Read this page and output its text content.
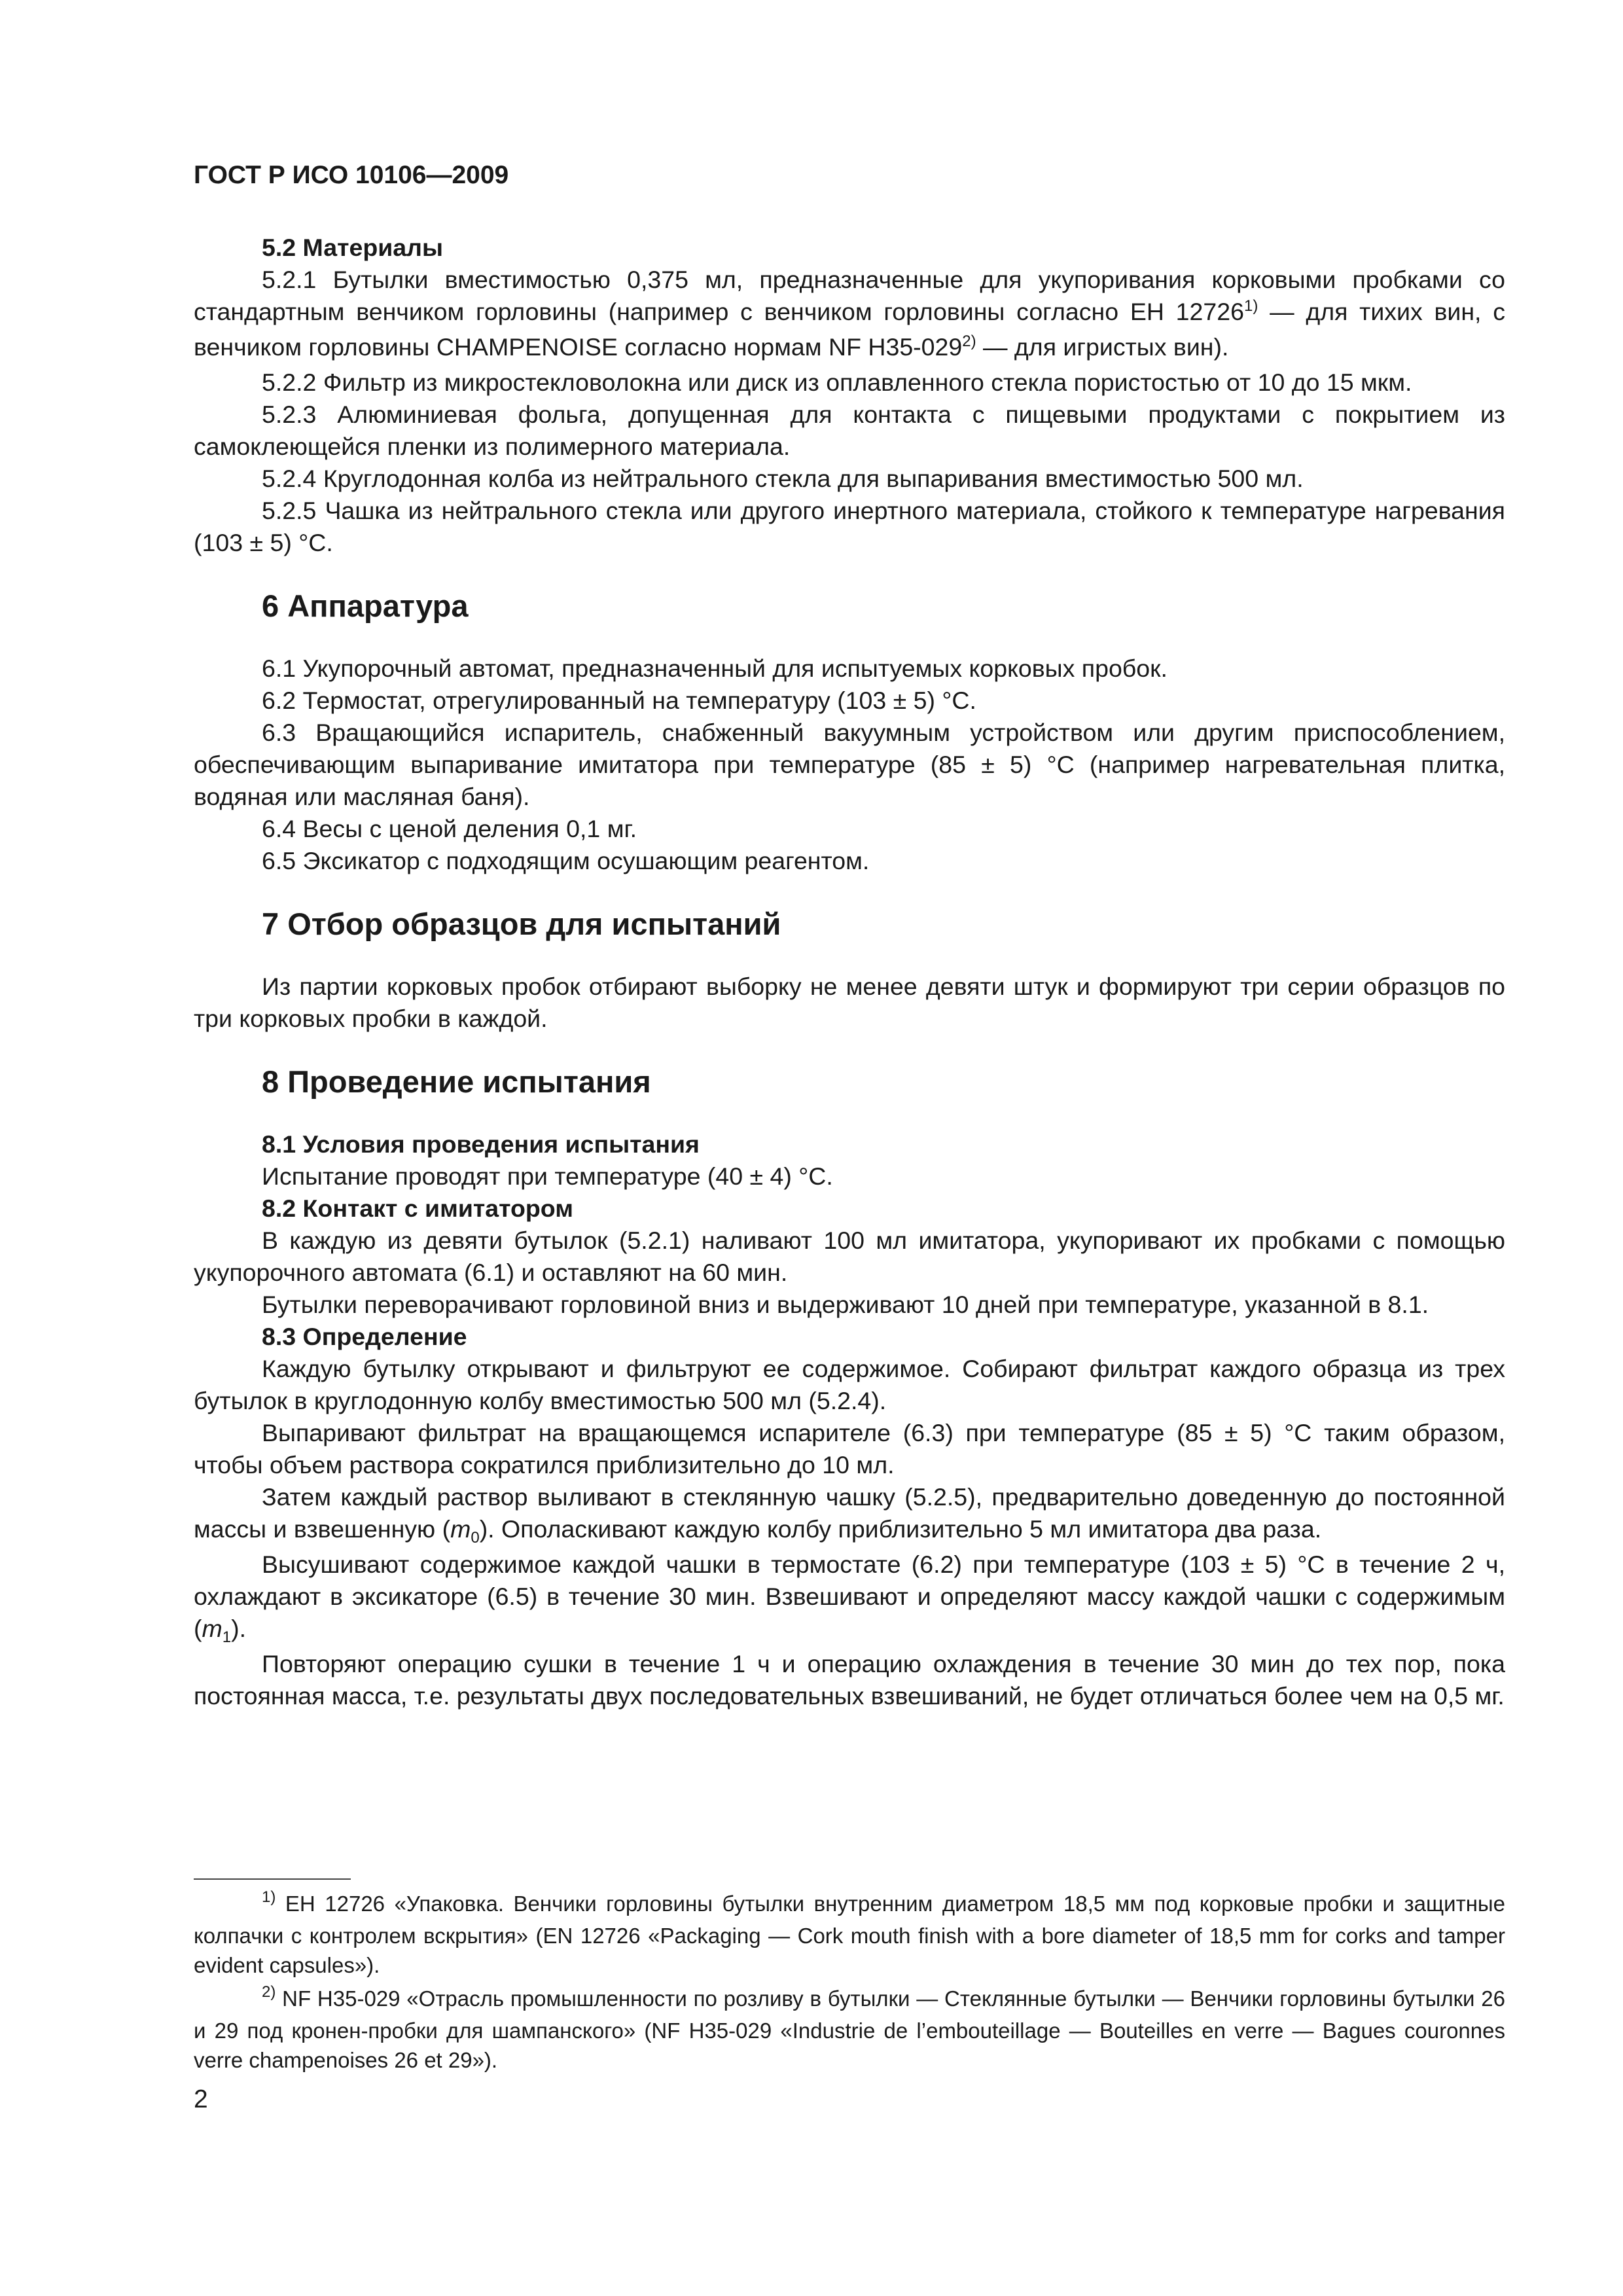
ГОСТ Р ИСО 10106—2009

5.2 Материалы

5.2.1 Бутылки вместимостью 0,375 мл, предназначенные для укупоривания корковыми пробками со стандартным венчиком горловины (например с венчиком горловины согласно ЕН 12726$^{1)}$ — для тихих вин, с венчиком горловины CHAMPENOISE согласно нормам NF H35-029$^{2)}$ — для игристых вин).

5.2.2 Фильтр из микростекловолокна или диск из оплавленного стекла пористостью от 10 до 15 мкм.

5.2.3 Алюминиевая фольга, допущенная для контакта с пищевыми продуктами с покрытием из самоклеющейся пленки из полимерного материала.

5.2.4 Круглодонная колба из нейтрального стекла для выпаривания вместимостью 500 мл.

5.2.5 Чашка из нейтрального стекла или другого инертного материала, стойкого к температуре нагревания (103 ± 5) °С.

6 Аппаратура

6.1 Укупорочный автомат, предназначенный для испытуемых корковых пробок.

6.2 Термостат, отрегулированный на температуру (103 ± 5) °С.

6.3 Вращающийся испаритель, снабженный вакуумным устройством или другим приспособлением, обеспечивающим выпаривание имитатора при температуре (85 ± 5) °С (например нагревательная плитка, водяная или масляная баня).

6.4 Весы с ценой деления 0,1 мг.

6.5 Эксикатор с подходящим осушающим реагентом.

7 Отбор образцов для испытаний

Из партии корковых пробок отбирают выборку не менее девяти штук и формируют три серии образцов по три корковых пробки в каждой.

8 Проведение испытания

8.1 Условия проведения испытания

Испытание проводят при температуре (40 ± 4) °С.

8.2 Контакт с имитатором

В каждую из девяти бутылок (5.2.1) наливают 100 мл имитатора, укупоривают их пробками с помощью укупорочного автомата (6.1) и оставляют на 60 мин.

Бутылки переворачивают горловиной вниз и выдерживают 10 дней при температуре, указанной в 8.1.

8.3 Определение

Каждую бутылку открывают и фильтруют ее содержимое. Собирают фильтрат каждого образца из трех бутылок в круглодонную колбу вместимостью 500 мл (5.2.4).

Выпаривают фильтрат на вращающемся испарителе (6.3) при температуре (85 ± 5) °С таким образом, чтобы объем раствора сократился приблизительно до 10 мл.

Затем каждый раствор выливают в стеклянную чашку (5.2.5), предварительно доведенную до постоянной массы и взвешенную $(m_0)$. Ополаскивают каждую колбу приблизительно 5 мл имитатора два раза.

Высушивают содержимое каждой чашки в термостате (6.2) при температуре (103 ± 5) °С в течение 2 ч, охлаждают в эксикаторе (6.5) в течение 30 мин. Взвешивают и определяют массу каждой чашки с содержимым $(m_1)$.

Повторяют операцию сушки в течение 1 ч и операцию охлаждения в течение 30 мин до тех пор, пока постоянная масса, т.е. результаты двух последовательных взвешиваний, не будет отличаться более чем на 0,5 мг.

$^{1)}$ ЕН 12726 «Упаковка. Венчики горловины бутылки внутренним диаметром 18,5 мм под корковые пробки и защитные колпачки с контролем вскрытия» (EN 12726 «Packaging — Cork mouth finish with a bore diameter of 18,5 mm for corks and tamper evident capsules»).

$^{2)}$ NF H35-029 «Отрасль промышленности по розливу в бутылки — Стеклянные бутылки — Венчики горловины бутылки 26 и 29 под кронен-пробки для шампанского» (NF H35-029 «Industrie de l’embouteillage — Bouteilles en verre — Bagues couronnes verre champenoises 26 et 29»).

2
